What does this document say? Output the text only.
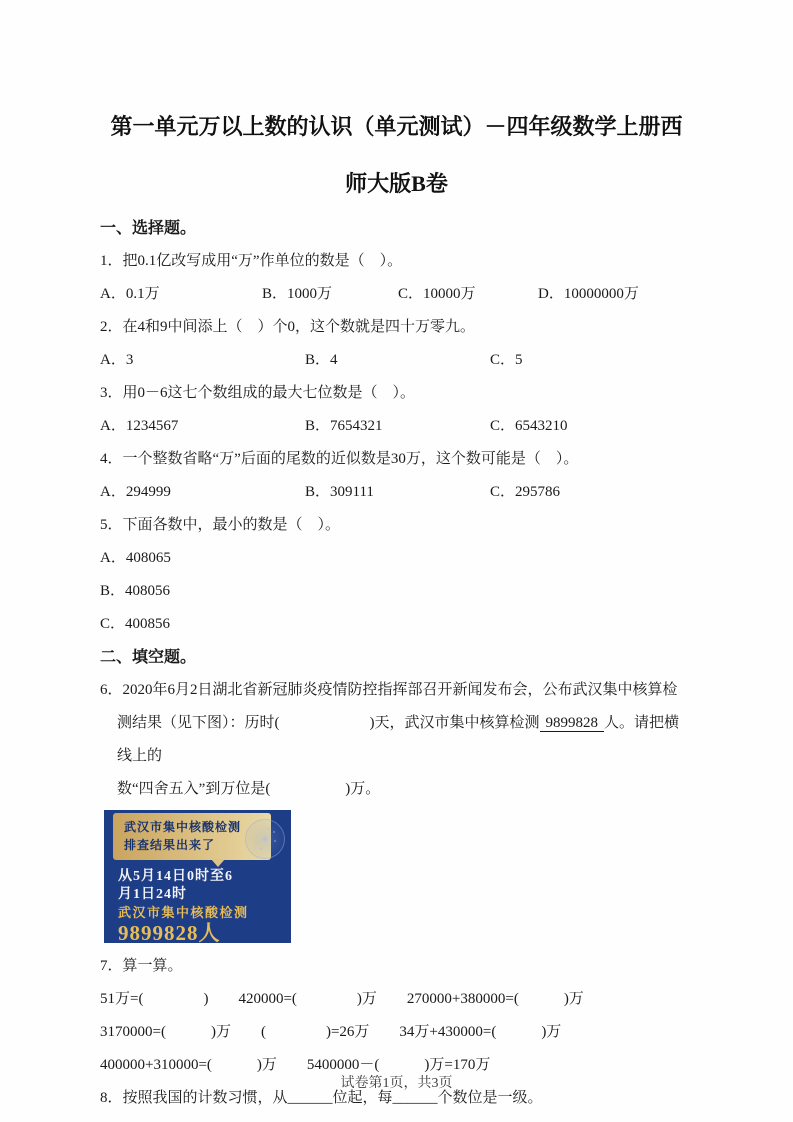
第一单元万以上数的认识（单元测试）－四年级数学上册西
师大版B卷
一、选择题。
1．把0.1亿改写成用“万”作单位的数是（　）。
A．0.1万	B．1000万	C．10000万	D．10000000万
2．在4和9中间添上（　）个0，这个数就是四十万零九。
A．3	B．4	C．5
3．用0－6这七个数组成的最大七位数是（　）。
A．1234567	B．7654321	C．6543210
4．一个整数省略“万”后面的尾数的近似数是30万，这个数可能是（　）。
A．294999	B．309111	C．295786
5．下面各数中，最小的数是（　）。
A．408065
B．408056
C．400856
二、填空题。
6．2020年6月2日湖北省新冠肺炎疫情防控指挥部召开新闻发布会，公布武汉集中核算检
测结果（见下图）：历时(　　　　　　)天，武汉市集中核算检测 9899828 人。请把横线上的
数“四舍五入”到万位是(　　　　　)万。
武汉市集中核酸检测
排查结果出来了
从5月14日0时至6
月1日24时
武汉市集中核酸检测
9899828人
7．算一算。
51万=(　　　　)　　420000=(　　　　)万　　270000+380000=(　　　)万
3170000=(　　　)万　　(　　　　)=26万　　34万+430000=(　　　)万
400000+310000=(　　　)万　　5400000－(　　　)万=170万
8．按照我国的计数习惯，从______位起，每______个数位是一级。
试卷第1页，共3页
